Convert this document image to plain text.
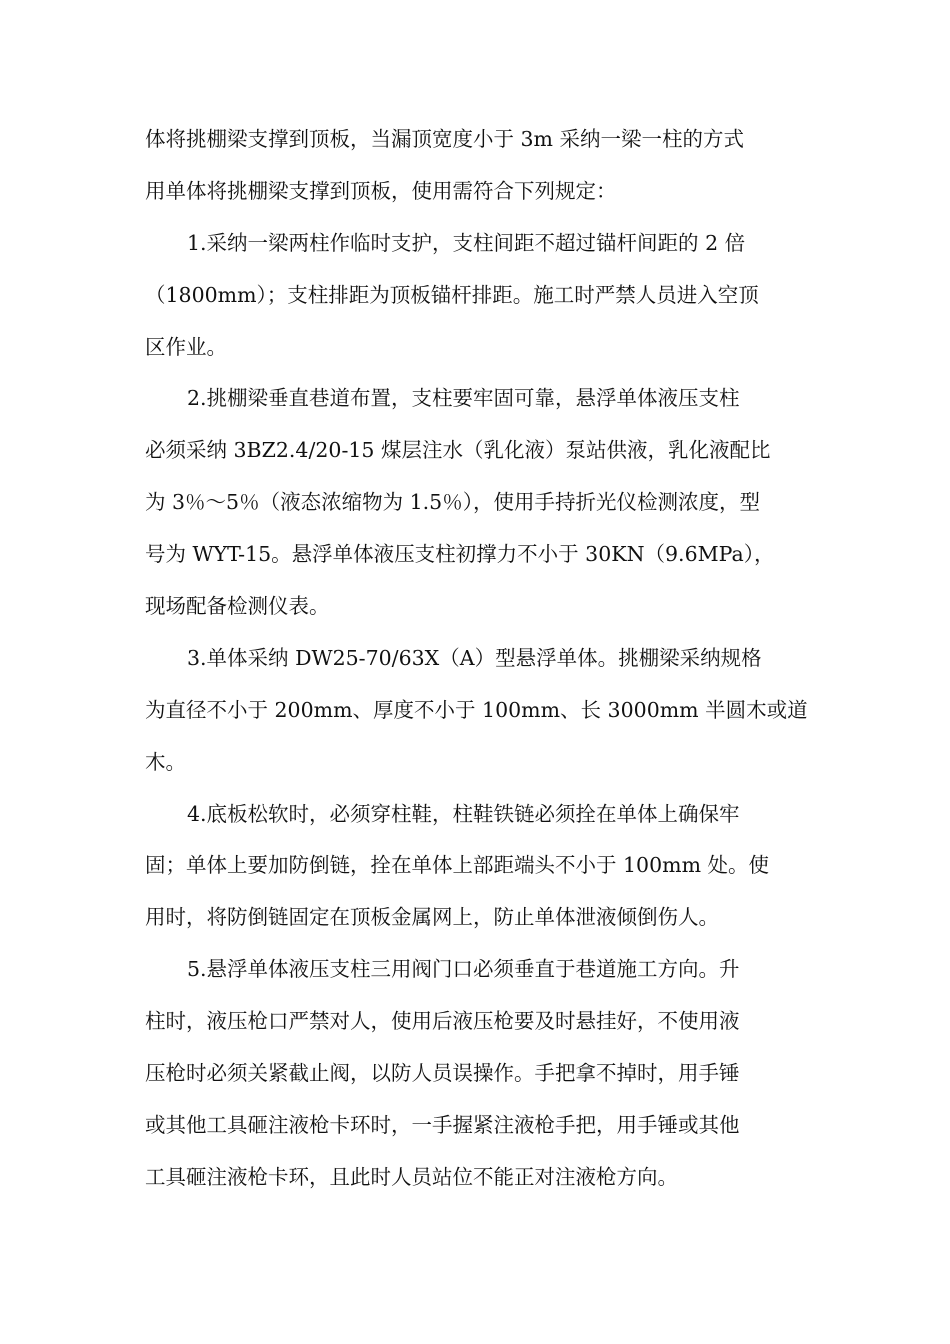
体将挑棚梁支撑到顶板，当漏顶宽度小于 3m 采纳一梁一柱的方式
用单体将挑棚梁支撑到顶板，使用需符合下列规定：
1.采纳一梁两柱作临时支护，支柱间距不超过锚杆间距的 2 倍
（1800mm）；支柱排距为顶板锚杆排距。施工时严禁人员进入空顶
区作业。
2.挑棚梁垂直巷道布置，支柱要牢固可靠，悬浮单体液压支柱
必须采纳 3BZ2.4/20-15 煤层注水（乳化液）泵站供液，乳化液配比
为 3％～5％（液态浓缩物为 1.5％），使用手持折光仪检测浓度，型
号为 WYT-15。悬浮单体液压支柱初撑力不小于 30KN（9.6MPa），
现场配备检测仪表。
3.单体采纳 DW25-70/63X（A）型悬浮单体。挑棚梁采纳规格
为直径不小于 200mm、厚度不小于 100mm、长 3000mm 半圆木或道
木。
4.底板松软时，必须穿柱鞋，柱鞋铁链必须拴在单体上确保牢
固；单体上要加防倒链，拴在单体上部距端头不小于 100mm 处。使
用时，将防倒链固定在顶板金属网上，防止单体泄液倾倒伤人。
5.悬浮单体液压支柱三用阀门口必须垂直于巷道施工方向。升
柱时，液压枪口严禁对人，使用后液压枪要及时悬挂好，不使用液
压枪时必须关紧截止阀，以防人员误操作。手把拿不掉时，用手锤
或其他工具砸注液枪卡环时，一手握紧注液枪手把，用手锤或其他
工具砸注液枪卡环，且此时人员站位不能正对注液枪方向。
